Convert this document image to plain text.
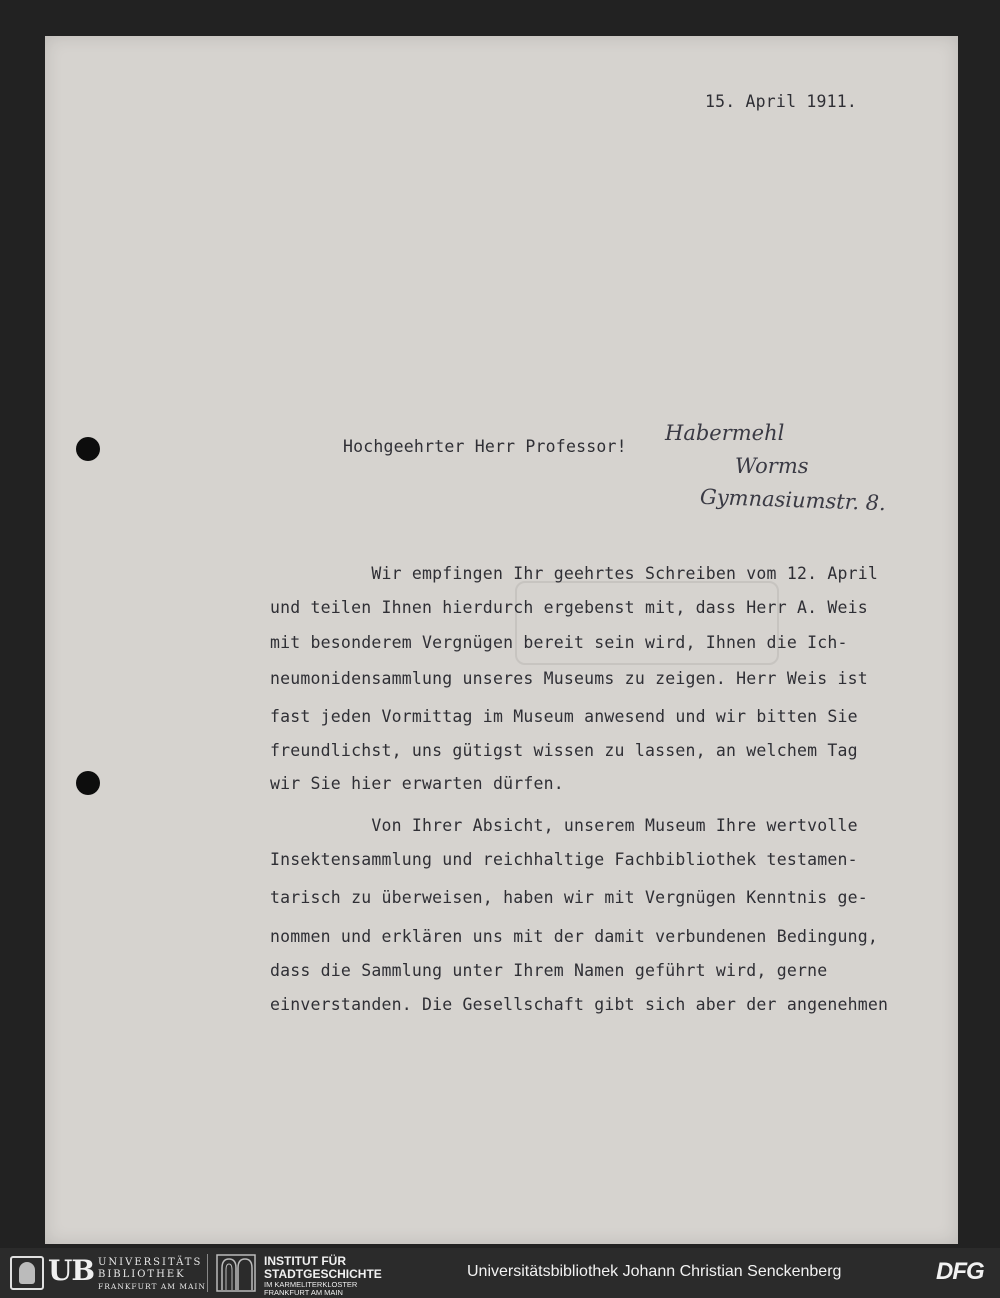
15. April 1911.
Hochgeehrter Herr Professor!
Habermehl
Worms
Gymnasiumstr. 8.
Wir empfingen Ihr geehrtes Schreiben vom 12. April
und teilen Ihnen hierdurch ergebenst mit, dass Herr A. Weis
mit besonderem Vergnügen bereit sein wird, Ihnen die Ich-
neumonidensammlung unseres Museums zu zeigen. Herr Weis ist
fast jeden Vormittag im Museum anwesend und wir bitten Sie
freundlichst, uns gütigst wissen zu lassen, an welchem Tag
wir Sie hier erwarten dürfen.
Von Ihrer Absicht, unserem Museum Ihre wertvolle
Insektensammlung und reichhaltige Fachbibliothek testamen-
tarisch zu überweisen, haben wir mit Vergnügen Kenntnis ge-
nommen und erklären uns mit der damit verbundenen Bedingung,
dass die Sammlung unter Ihrem Namen geführt wird, gerne
einverstanden. Die Gesellschaft gibt sich aber der angenehmen
UB UNIVERSITÄTS
BIBLIOTHEK
FRANKFURT AM MAIN
INSTITUT FÜR
STADTGESCHICHTE
IM KARMELITERKLOSTER
FRANKFURT AM MAIN
Universitätsbibliothek Johann Christian Senckenberg	DFG
